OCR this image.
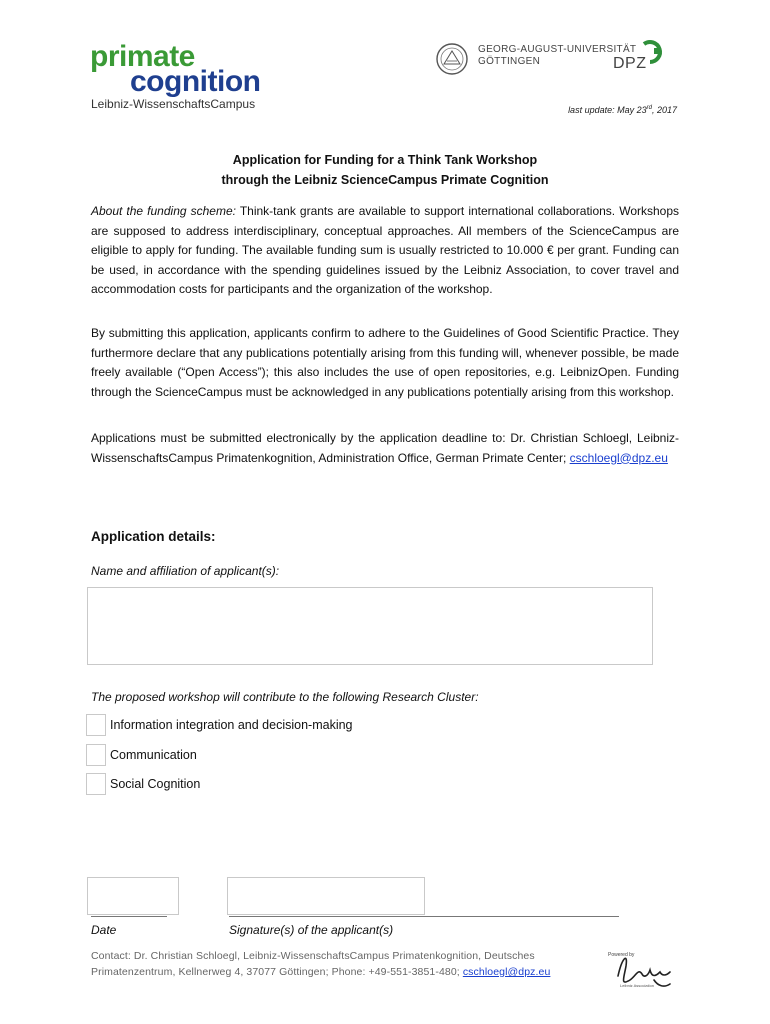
primate
cognition
Leibniz-WissenschaftsCampus
GEORG-AUGUST-UNIVERSITÄT
GÖTTINGEN	DPZ
last update: May 23rd, 2017
Application for Funding for a Think Tank Workshop
through the Leibniz ScienceCampus Primate Cognition
About the funding scheme: Think-tank grants are available to support international collaborations. Workshops are supposed to address interdisciplinary, conceptual approaches. All members of the ScienceCampus are eligible to apply for funding. The available funding sum is usually restricted to 10.000 € per grant. Funding can be used, in accordance with the spending guidelines issued by the Leibniz Association, to cover travel and accommodation costs for participants and the organization of the workshop.
By submitting this application, applicants confirm to adhere to the Guidelines of Good Scientific Practice. They furthermore declare that any publications potentially arising from this funding will, whenever possible, be made freely available (“Open Access”); this also includes the use of open repositories, e.g. LeibnizOpen. Funding through the ScienceCampus must be acknowledged in any publications potentially arising from this workshop.
Applications must be submitted electronically by the application deadline to: Dr. Christian Schloegl, Leibniz-WissenschaftsCampus Primatenkognition, Administration Office, German Primate Center; cschloegl@dpz.eu
Application details:
Name and affiliation of applicant(s):
The proposed workshop will contribute to the following Research Cluster:
Information integration and decision-making
Communication
Social Cognition
Date	Signature(s) of the applicant(s)
Contact: Dr. Christian Schloegl, Leibniz-WissenschaftsCampus Primatenkognition, Deutsches Primatenzentrum, Kellnerweg 4, 37077 Göttingen; Phone: +49-551-3851-480; cschloegl@dpz.eu
Powered by
Leibniz Association
